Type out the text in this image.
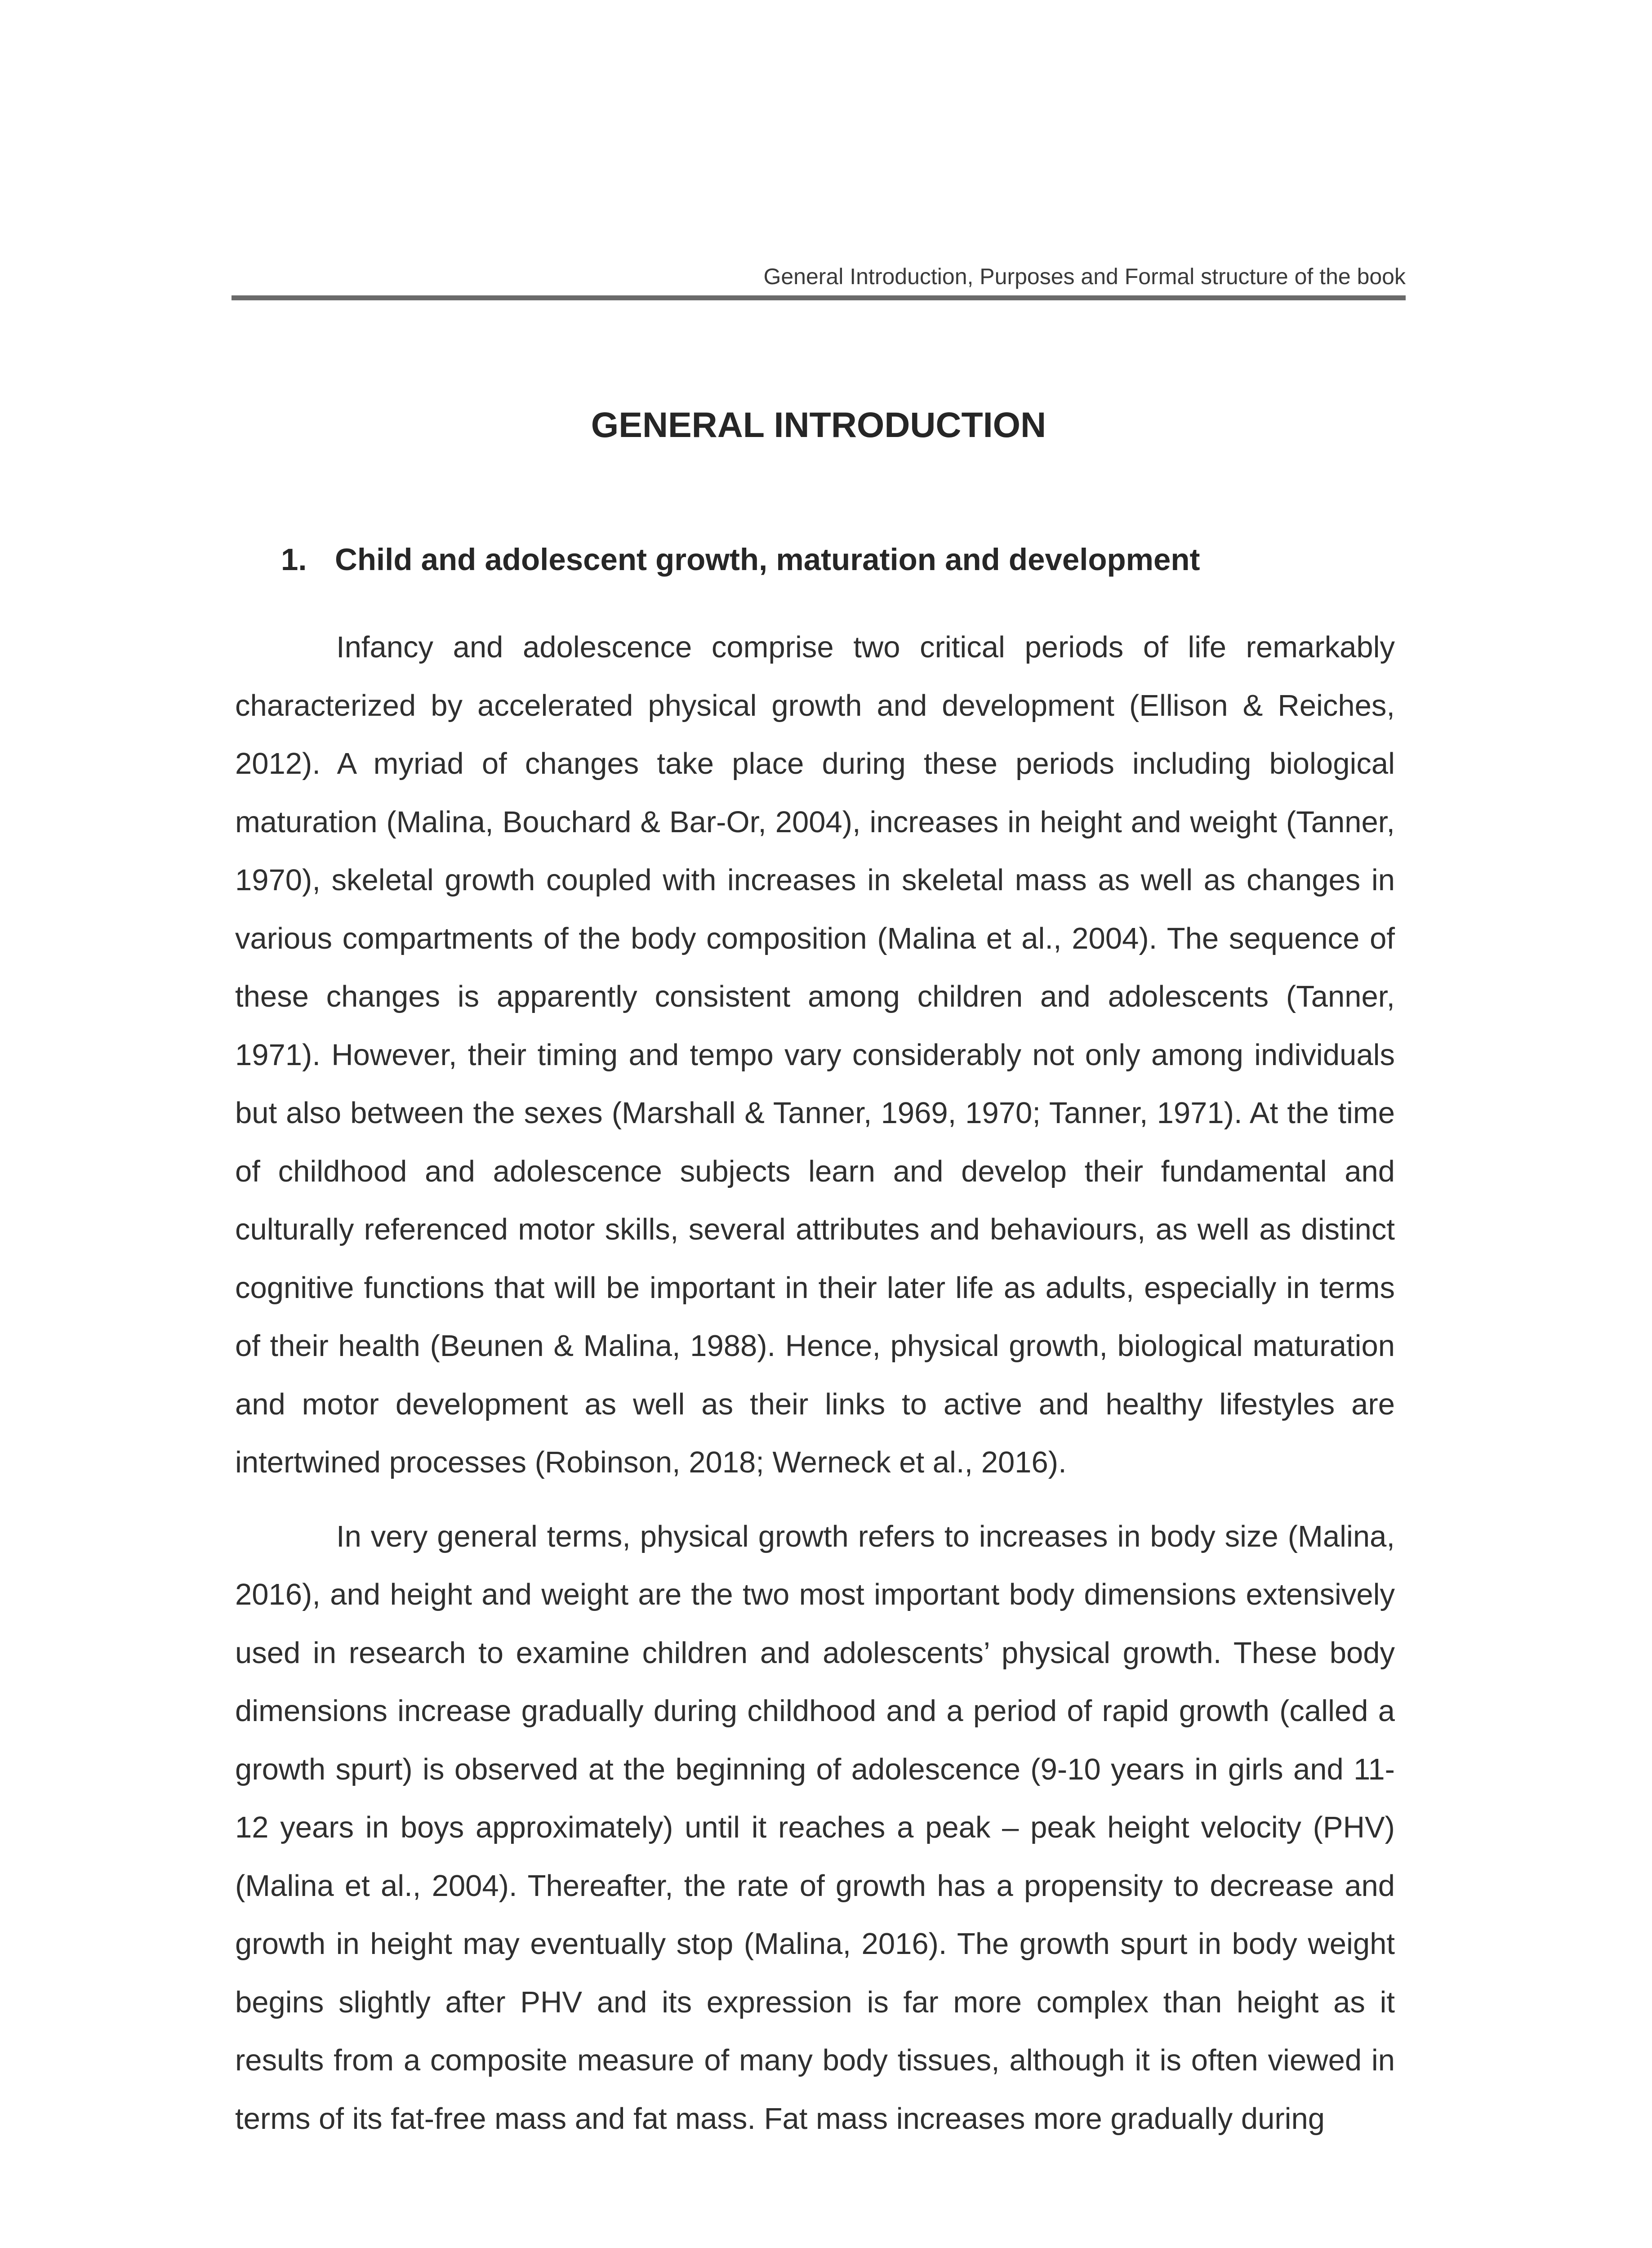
General Introduction, Purposes and Formal structure of the book
GENERAL INTRODUCTION
1. Child and adolescent growth, maturation and development

Infancy and adolescence comprise two critical periods of life remarkably characterized by accelerated physical growth and development (Ellison & Reiches, 2012). A myriad of changes take place during these periods including biological maturation (Malina, Bouchard & Bar-Or, 2004), increases in height and weight (Tanner, 1970), skeletal growth coupled with increases in skeletal mass as well as changes in various compartments of the body composition (Malina et al., 2004). The sequence of these changes is apparently consistent among children and adolescents (Tanner, 1971). However, their timing and tempo vary considerably not only among individuals but also between the sexes (Marshall & Tanner, 1969, 1970; Tanner, 1971). At the time of childhood and adolescence subjects learn and develop their fundamental and culturally referenced motor skills, several attributes and behaviours, as well as distinct cognitive functions that will be important in their later life as adults, especially in terms of their health (Beunen & Malina, 1988). Hence, physical growth, biological maturation and motor development as well as their links to active and healthy lifestyles are intertwined processes (Robinson, 2018; Werneck et al., 2016).

In very general terms, physical growth refers to increases in body size (Malina, 2016), and height and weight are the two most important body dimensions extensively used in research to examine children and adolescents’ physical growth. These body dimensions increase gradually during childhood and a period of rapid growth (called a growth spurt) is observed at the beginning of adolescence (9-10 years in girls and 11-12 years in boys approximately) until it reaches a peak – peak height velocity (PHV) (Malina et al., 2004). Thereafter, the rate of growth has a propensity to decrease and growth in height may eventually stop (Malina, 2016). The growth spurt in body weight begins slightly after PHV and its expression is far more complex than height as it results from a composite measure of many body tissues, although it is often viewed in terms of its fat-free mass and fat mass. Fat mass increases more gradually during
